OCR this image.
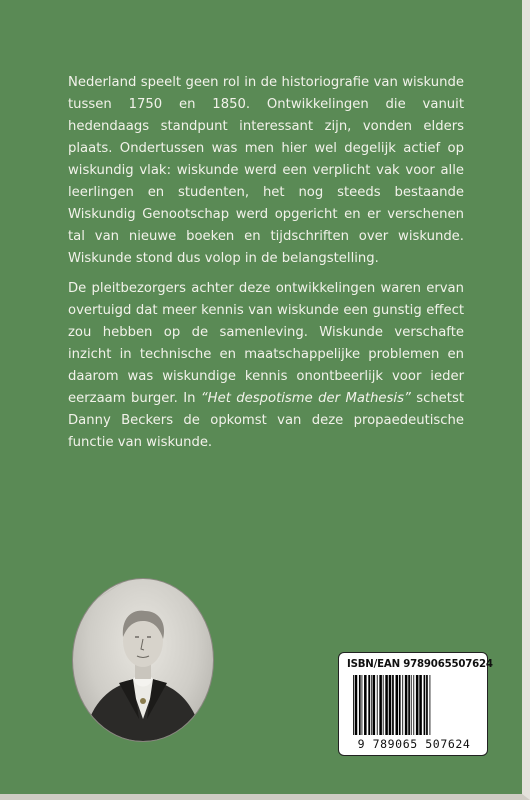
Nederland speelt geen rol in de historiografie van wiskunde tussen 1750 en 1850. Ontwikkelingen die vanuit hedendaags standpunt interessant zijn, vonden elders plaats. Ondertussen was men hier wel degelijk actief op wiskundig vlak: wiskunde werd een verplicht vak voor alle leerlingen en studenten, het nog steeds bestaande Wiskundig Genootschap werd opgericht en er verschenen tal van nieuwe boeken en tijdschriften over wiskunde. Wiskunde stond dus volop in de belangstelling.

De pleitbezorgers achter deze ontwikkelingen waren ervan overtuigd dat meer kennis van wiskunde een gunstig effect zou hebben op de samenleving. Wiskunde verschafte inzicht in technische en maatschappelijke problemen en daarom was wiskundige kennis onontbeerlijk voor ieder eerzaam burger. In “Het despotisme der Mathesis” schetst Danny Beckers de opkomst van deze propaedeutische functie van wiskunde.

ISBN/EAN 9789065507624
9 789065 507624
